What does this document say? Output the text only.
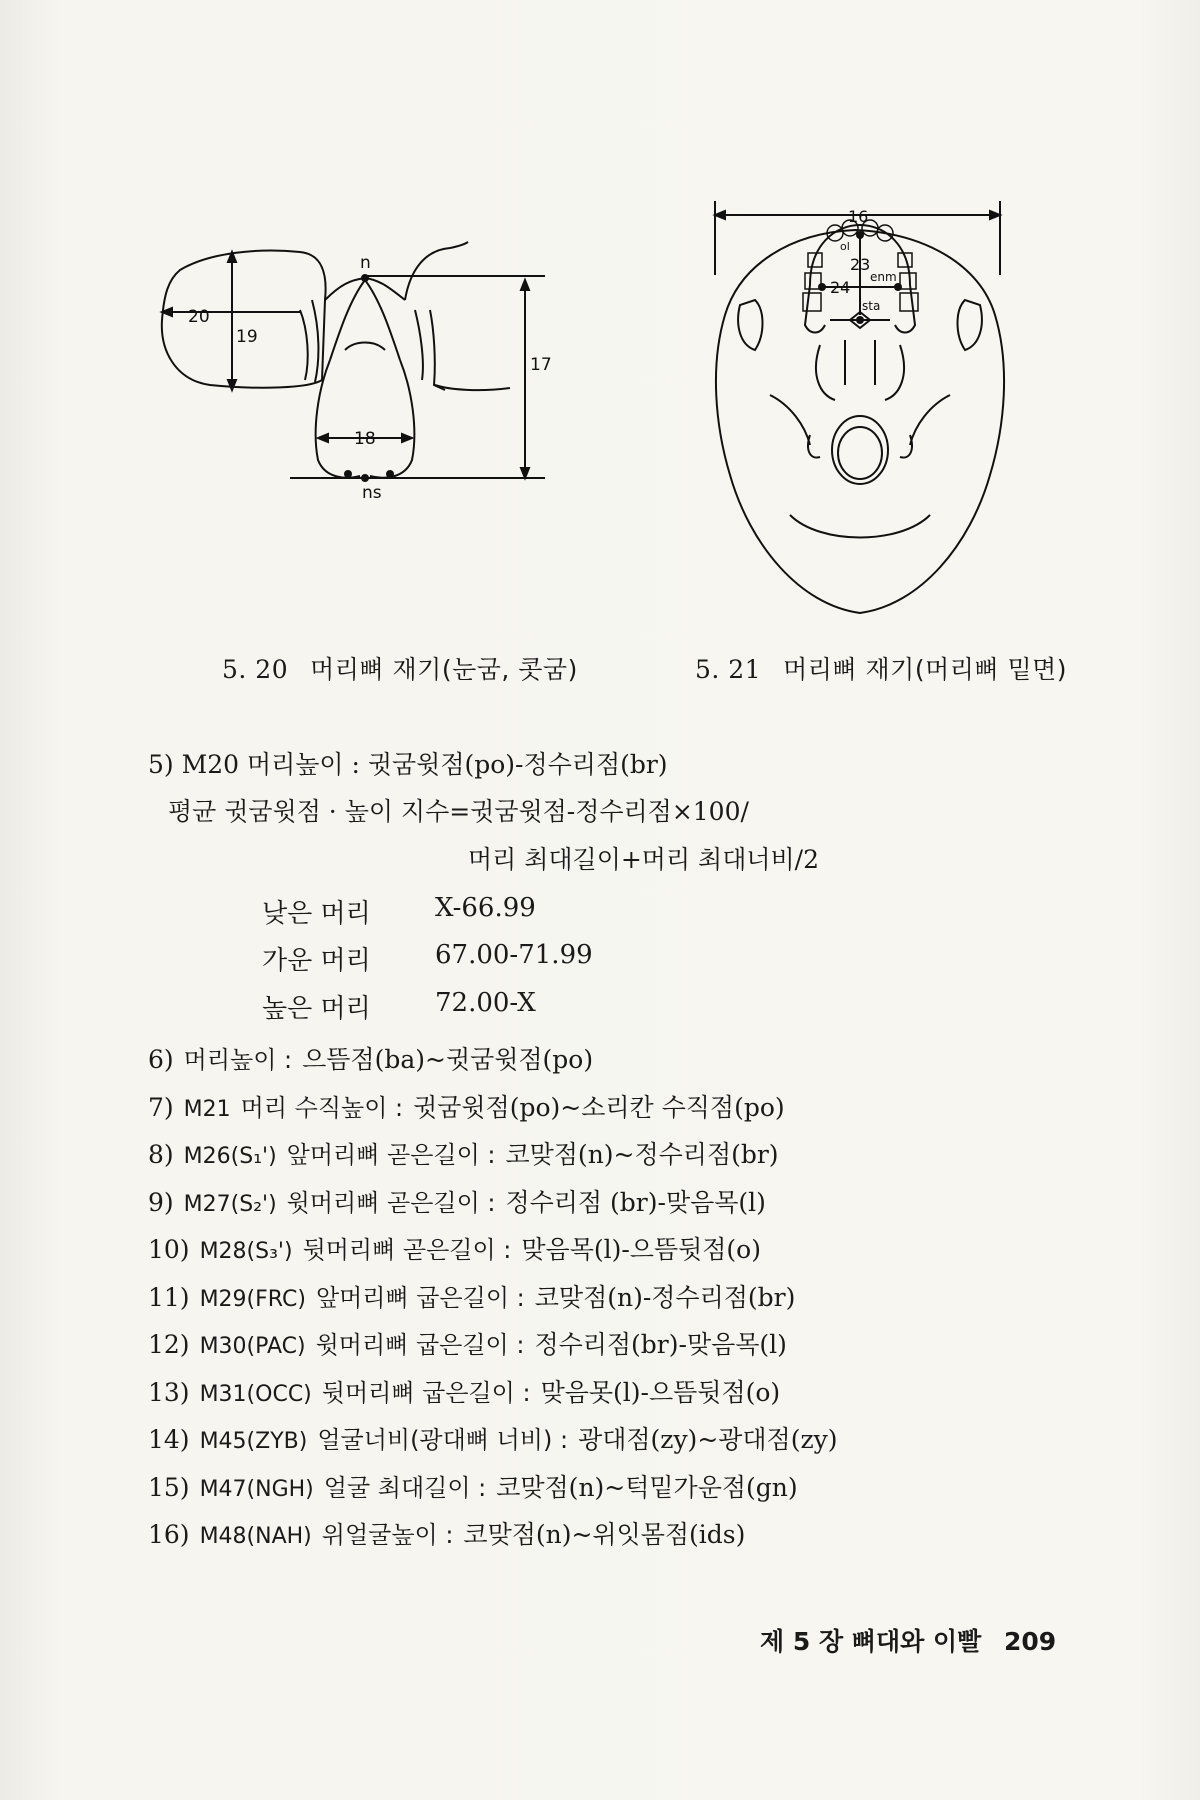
20
19
n
17
18
ns
16
ol
23
24
enm
sta
5. 20 머리뼈 재기(눈굼, 콧굼)	5. 21 머리뼈 재기(머리뼈 밑면)
5) M20 머리높이 : 귓굼윗점(po)-정수리점(br)
평균 귓굼윗점 · 높이 지수=귓굼윗점-정수리점×100/
머리 최대길이+머리 최대너비/2
낮은 머리 X-66.99
가운 머리 67.00-71.99
높은 머리 72.00-X
6) 머리높이 : 으뜸점(ba)~귓굼윗점(po)
7) M21 머리 수직높이 : 귓굼윗점(po)~소리칸 수직점(po)
8) M26(S₁') 앞머리뼈 곧은길이 : 코맞점(n)~정수리점(br)
9) M27(S₂') 윗머리뼈 곧은길이 : 정수리점 (br)-맞음목(l)
10) M28(S₃') 뒷머리뼈 곧은길이 : 맞음목(l)-으뜸뒷점(o)
11) M29(FRC) 앞머리뼈 굽은길이 : 코맞점(n)-정수리점(br)
12) M30(PAC) 윗머리뼈 굽은길이 : 정수리점(br)-맞음목(l)
13) M31(OCC) 뒷머리뼈 굽은길이 : 맞음못(l)-으뜸뒷점(o)
14) M45(ZYB) 얼굴너비(광대뼈 너비) : 광대점(zy)~광대점(zy)
15) M47(NGH) 얼굴 최대길이 : 코맞점(n)~턱밑가운점(gn)
16) M48(NAH) 위얼굴높이 : 코맞점(n)~위잇몸점(ids)
제 5 장 뼈대와 이빨 209
